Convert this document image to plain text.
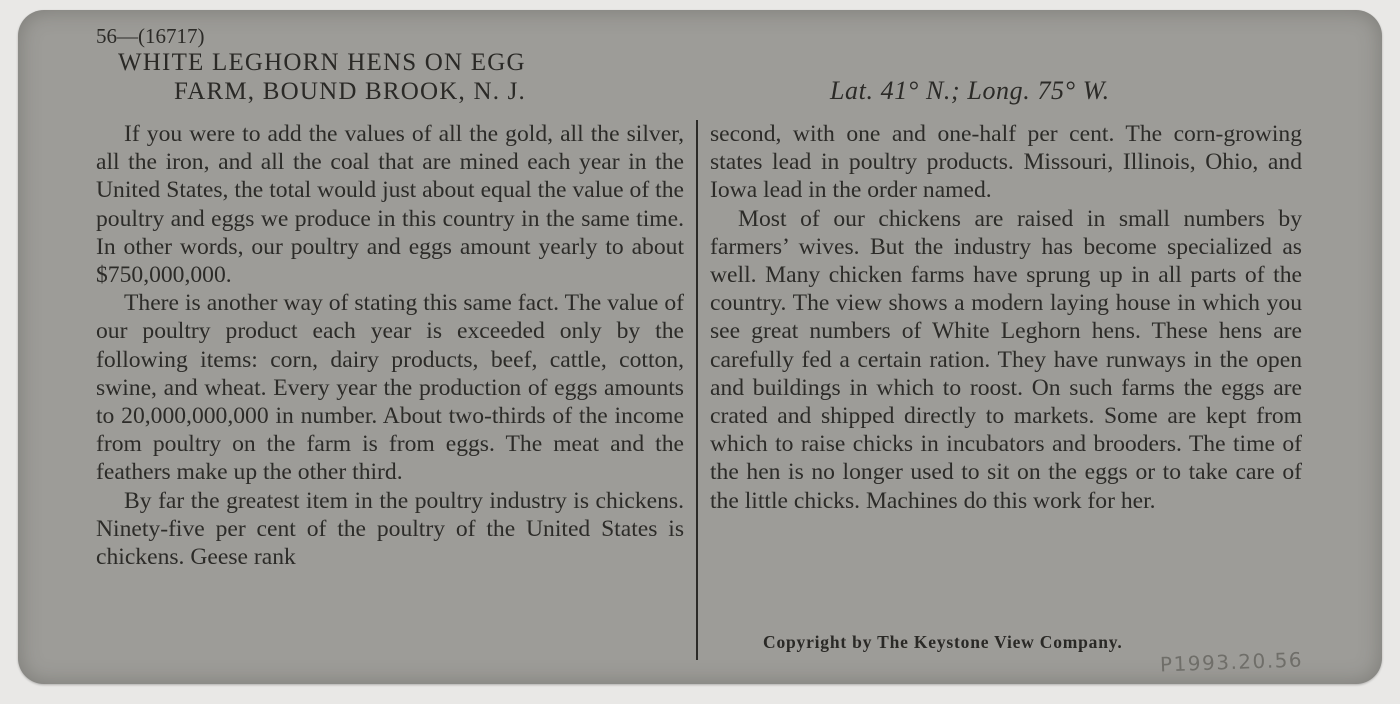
56—(16717)
WHITE LEGHORN HENS ON EGG
FARM, BOUND BROOK, N. J.	Lat. 41° N.; Long. 75° W.

If you were to add the values of all the gold, all the silver, all the iron, and all the coal that are mined each year in the United States, the total would just about equal the value of the poultry and eggs we produce in this country in the same time. In other words, our poultry and eggs amount yearly to about $750,000,000.

There is another way of stating this same fact. The value of our poultry product each year is exceeded only by the following items: corn, dairy products, beef, cattle, cotton, swine, and wheat. Every year the production of eggs amounts to 20,000,000,000 in number. About two-thirds of the income from poultry on the farm is from eggs. The meat and the feathers make up the other third.

By far the greatest item in the poultry industry is chickens. Ninety-five per cent of the poultry of the United States is chickens. Geese rank

second, with one and one-half per cent. The corn-growing states lead in poultry products. Missouri, Illinois, Ohio, and Iowa lead in the order named.

Most of our chickens are raised in small numbers by farmers’ wives. But the industry has become specialized as well. Many chicken farms have sprung up in all parts of the country. The view shows a modern laying house in which you see great numbers of White Leghorn hens. These hens are carefully fed a certain ration. They have runways in the open and buildings in which to roost. On such farms the eggs are crated and shipped directly to markets. Some are kept from which to raise chicks in incubators and brooders. The time of the hen is no longer used to sit on the eggs or to take care of the little chicks. Machines do this work for her.

Copyright by The Keystone View Company.
P1993.20.56
